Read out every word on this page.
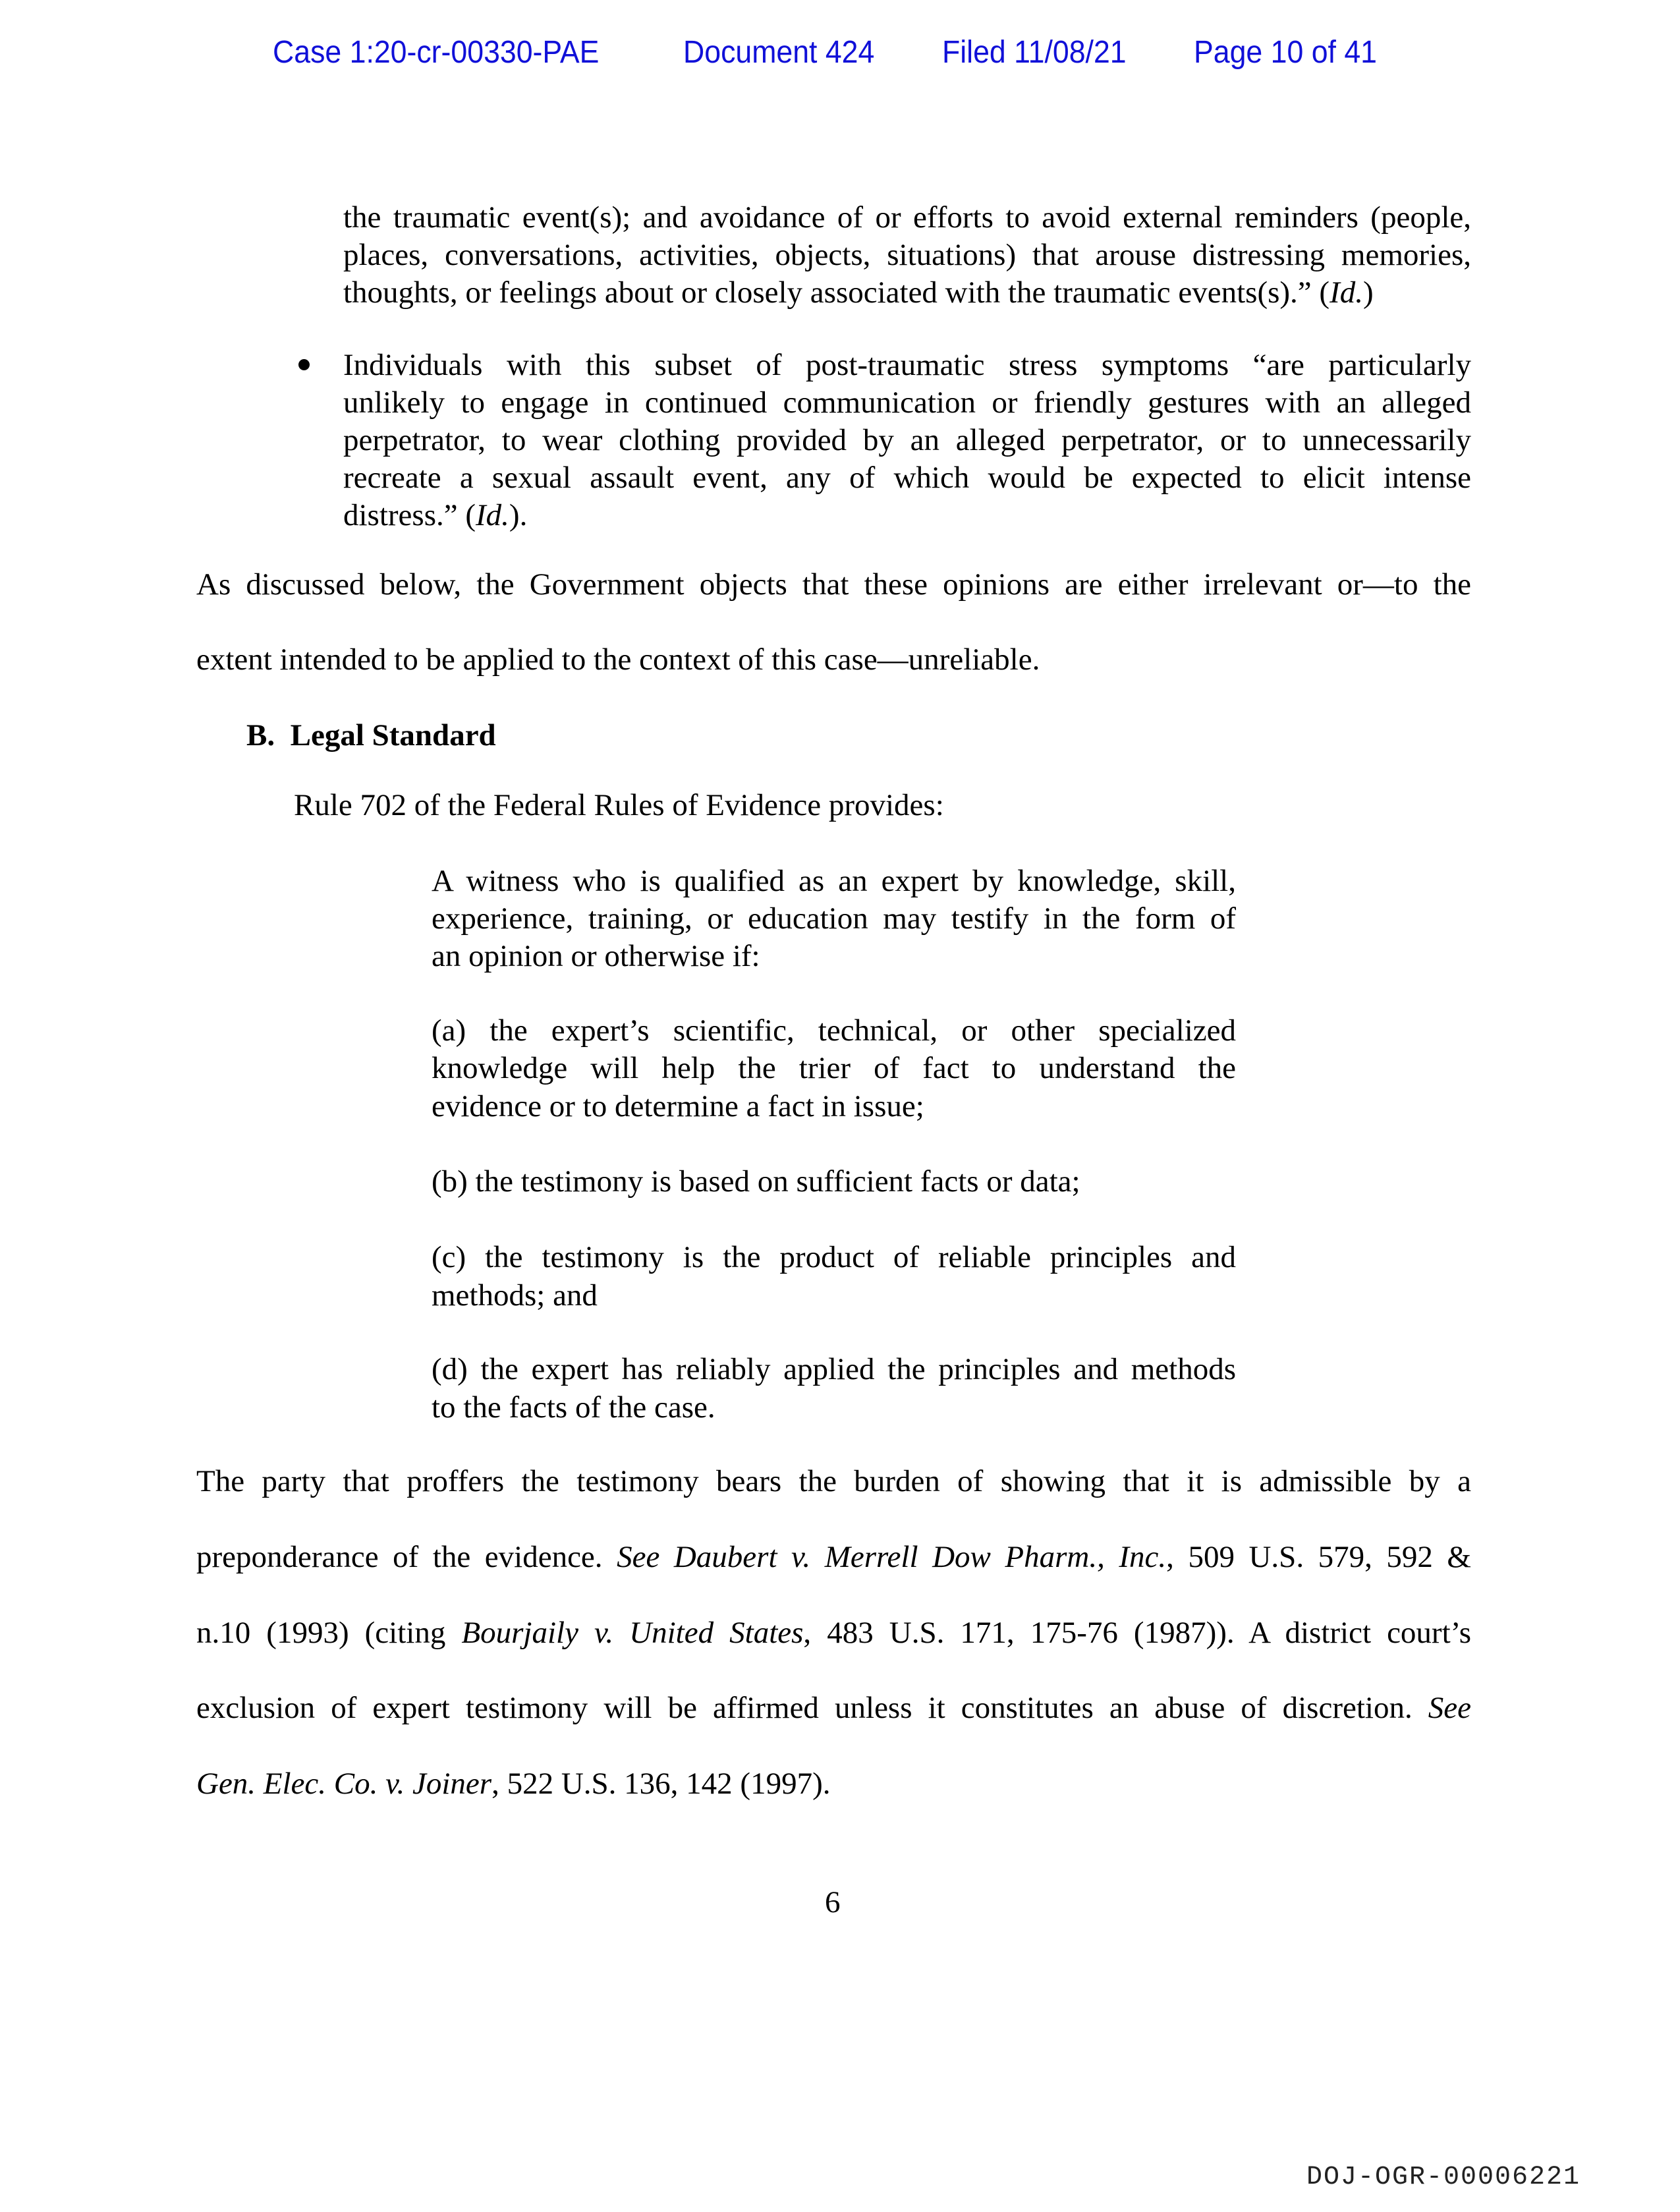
Case 1:20-cr-00330-PAE	Document 424 Filed 11/08/21 Page 10 of 41
the traumatic event(s); and avoidance of or efforts to avoid external reminders (people,
places, conversations, activities, objects, situations) that arouse distressing memories,
thoughts, or feelings about or closely associated with the traumatic events(s).” (Id.)
Individuals with this subset of post-traumatic stress symptoms “are particularly
unlikely to engage in continued communication or friendly gestures with an alleged
perpetrator, to wear clothing provided by an alleged perpetrator, or to unnecessarily
recreate a sexual assault event, any of which would be expected to elicit intense
distress.” (Id.).
As discussed below, the Government objects that these opinions are either irrelevant or—to the
extent intended to be applied to the context of this case—unreliable.
B. Legal Standard
Rule 702 of the Federal Rules of Evidence provides:
A witness who is qualified as an expert by knowledge, skill,
experience, training, or education may testify in the form of
an opinion or otherwise if:
(a) the expert’s scientific, technical, or other specialized
knowledge will help the trier of fact to understand the
evidence or to determine a fact in issue;
(b) the testimony is based on sufficient facts or data;
(c) the testimony is the product of reliable principles and
methods; and
(d) the expert has reliably applied the principles and methods
to the facts of the case.
The party that proffers the testimony bears the burden of showing that it is admissible by a
preponderance of the evidence. See Daubert v. Merrell Dow Pharm., Inc., 509 U.S. 579, 592 &
n.10 (1993) (citing Bourjaily v. United States, 483 U.S. 171, 175-76 (1987)). A district court’s
exclusion of expert testimony will be affirmed unless it constitutes an abuse of discretion. See
Gen. Elec. Co. v. Joiner, 522 U.S. 136, 142 (1997).
6
DOJ-OGR-00006221
